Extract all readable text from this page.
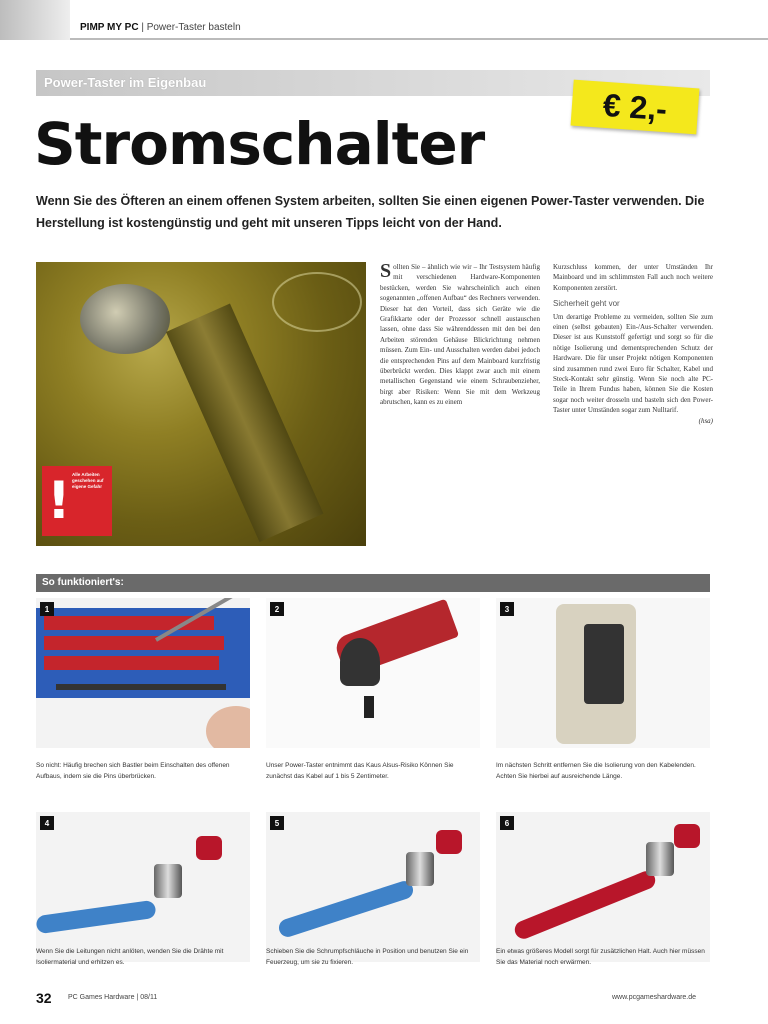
PIMP MY PC | Power-Taster basteln
Power-Taster im Eigenbau
€ 2,-
Stromschalter
Wenn Sie des Öfteren an einem offenen System arbeiten, sollten Sie einen eigenen Power-Taster verwenden. Die Herstellung ist kostengünstig und geht mit unseren Tipps leicht von der Hand.
! Alle Arbeiten geschehen auf eigene Gefahr
Sollten Sie – ähnlich wie wir – Ihr Testsystem häufig mit verschiedenen Hardware-Komponenten bestücken, werden Sie wahrscheinlich auch einen sogenannten „offenen Aufbau“ des Rechners verwenden. Dieser hat den Vorteil, dass sich Geräte wie die Grafikkarte oder der Prozessor schnell austauschen lassen, ohne dass Sie währenddessen mit den bei den Arbeiten störenden Gehäuse Blickrichtung nehmen müssen. Zum Ein- und Ausschalten werden dabei jedoch die entsprechenden Pins auf dem Mainboard kurzfristig überbrückt werden. Dies klappt zwar auch mit einem metallischen Gegenstand wie einem Schraubenzieher, birgt aber Risiken: Wenn Sie mit dem Werkzeug abrutschen, kann es zu einem
Kurzschluss kommen, der unter Umständen Ihr Mainboard und im schlimmsten Fall auch noch weitere Komponenten zerstört.
Sicherheit geht vor
Um derartige Probleme zu vermeiden, sollten Sie zum einen (selbst gebauten) Ein-/Aus-Schalter verwenden. Dieser ist aus Kunststoff gefertigt und sorgt so für die nötige Isolierung und dementsprechenden Schutz der Hardware. Die für unser Projekt nötigen Komponenten sind zusammen rund zwei Euro für Schalter, Kabel und Steck-Kontakt sehr günstig. Wenn Sie noch alte PC-Teile in Ihrem Fundus haben, können Sie die Kosten sogar noch weiter drosseln und basteln sich den Power-Taster unter Umständen sogar zum Nulltarif.
(hsa)
So funktioniert's:
1
So nicht: Häufig brechen sich Bastler beim Einschalten des offenen Aufbaus, indem sie die Pins überbrücken.
2
Unser Power-Taster entnimmt das Kaus Alsus-Risiko Können Sie zunächst das Kabel auf 1 bis 5 Zentimeter.
3
Im nächsten Schritt entfernen Sie die Isolierung von den Kabelenden. Achten Sie hierbei auf ausreichende Länge.
4
Wenn Sie die Leitungen nicht anlöten, wenden Sie die Drähte mit Isoliermaterial und erhitzen es.
5
Schieben Sie die Schrumpfschläuche in Position und benutzen Sie ein Feuerzeug, um sie zu fixieren.
6
Ein etwas größeres Modell sorgt für zusätzlichen Halt. Auch hier müssen Sie das Material noch erwärmen.
32 PC Games Hardware | 08/11	www.pcgameshardware.de
